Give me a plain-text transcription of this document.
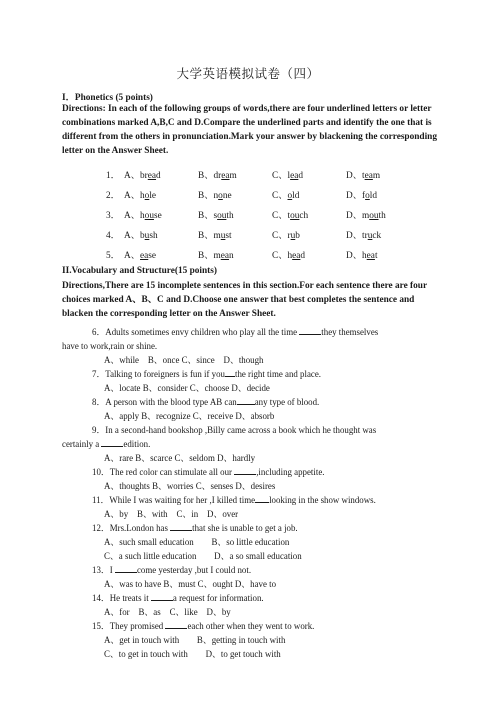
大学英语模拟试卷（四）
I．Phonetics (5 points)
Directions: In each of the following groups of words,there are four underlined letters or letter combinations marked A,B,C and D.Compare the underlined parts and identify the one that is different from the others in pronunciation.Mark your answer by blackening the corresponding letter on the Answer Sheet.
1． A、bread	B、dream	C、lead	D、team
2． A、hole	B、none	C、old	D、fold
3． A、house	B、south	C、touch	D、mouth
4． A、bush	B、must	C、rub	D、truck
5． A、ease	B、mean	C、head	D、heat
II.Vocabulary and Structure(15 points)
Directions,There are 15 incomplete sentences in this section.For each sentence there are four choices marked A、B、C and D.Choose one answer that best completes the sentence and blacken the corresponding letter on the Answer Sheet.
6．Adults sometimes envy children who play all the time they themselves
have to work,rain or shine.
A、while　B、once C、since　D、though
7．Talking to foreigners is fun if you the right time and place.
A、locate B、consider C、choose D、decide
8．A person with the blood type AB can any type of blood.
A、apply B、recognize C、receive D、absorb
9．In a second-hand bookshop ,Billy came across a book which he thought was
certainly a edition.
A、rare B、scarce C、seldom D、hardly
10．The red color can stimulate all our ,including appetite.
A、thoughts B、worries C、senses D、desires
11．While I was waiting for her ,I killed time looking in the show windows.
A、by　B、with　C、in　D、over
12．Mrs.London has that she is unable to get a job.
A、such small education　　B、so little education
C、a such little education　　D、a so small education
13．I come yesterday ,but I could not.
A、was to have B、must C、ought D、have to
14．He treats it a request for information.
A、for　B、as　C、like　D、by
15．They promised each other when they went to work.
A、get in touch with　　B、getting in touch with
C、to get in touch with　　D、to get touch with
